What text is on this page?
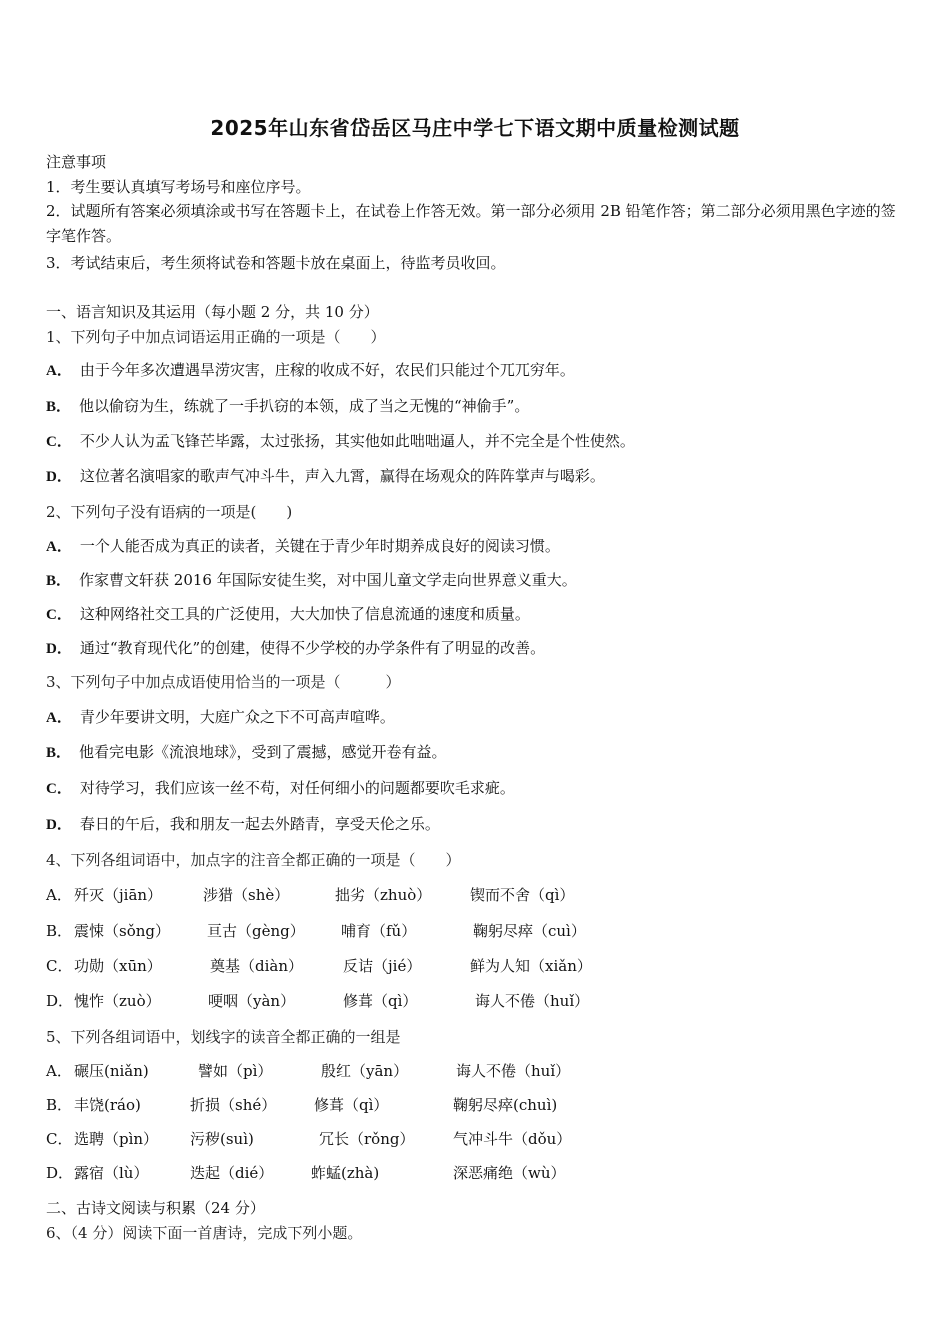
2025年山东省岱岳区马庄中学七下语文期中质量检测试题
注意事项
1．考生要认真填写考场号和座位序号。
2．试题所有答案必须填涂或书写在答题卡上，在试卷上作答无效。第一部分必须用 2B 铅笔作答；第二部分必须用黑色字迹的签字笔作答。
3．考试结束后，考生须将试卷和答题卡放在桌面上，待监考员收回。
一、语言知识及其运用（每小题 2 分，共 10 分）
1、下列句子中加点词语运用正确的一项是（　　）
A． 由于今年多次遭遇旱涝灾害，庄稼的收成不好，农民们只能过个兀兀穷年。
B． 他以偷窃为生，练就了一手扒窃的本领，成了当之无愧的“神偷手”。
C． 不少人认为孟飞锋芒毕露，太过张扬，其实他如此咄咄逼人，并不完全是个性使然。
D． 这位著名演唱家的歌声气冲斗牛，声入九霄，赢得在场观众的阵阵掌声与喝彩。
2、下列句子没有语病的一项是(　　)
A． 一个人能否成为真正的读者，关键在于青少年时期养成良好的阅读习惯。
B． 作家曹文轩获 2016 年国际安徒生奖，对中国儿童文学走向世界意义重大。
C． 这种网络社交工具的广泛使用，大大加快了信息流通的速度和质量。
D． 通过“教育现代化”的创建，使得不少学校的办学条件有了明显的改善。
3、下列句子中加点成语使用恰当的一项是（　　　）
A． 青少年要讲文明，大庭广众之下不可高声喧哗。
B． 他看完电影《流浪地球》，受到了震撼，感觉开卷有益。
C． 对待学习，我们应该一丝不苟，对任何细小的问题都要吹毛求疵。
D． 春日的午后，我和朋友一起去外踏青，享受天伦之乐。
4、下列各组词语中，加点字的注音全都正确的一项是（　　）
A． 歼灭（jiān）	涉猎（shè）	拙劣（zhuò）	锲而不舍（qì）
B． 震悚（sǒng） 亘古（gèng） 哺育（fǔ）	鞠躬尽瘁（cuì）
C． 功勋（xūn）	奠基（diàn）	反诘（jié）	鲜为人知（xiǎn）
D． 愧怍（zuò）	哽咽（yàn）	修葺（qì）	诲人不倦（huǐ）
5、下列各组词语中，划线字的读音全都正确的一组是
A． 碾压(niǎn)	譬如（pì）	殷红（yān）	诲人不倦（huǐ）
B． 丰饶(ráo)	折损（shé）	修葺（qì）	鞠躬尽瘁(chuì)
C． 选聘（pìn） 污秽(suì)	冗长（rǒng）	气冲斗牛（dǒu）
D． 露宿（lù）	迭起（dié）	蚱蜢(zhà)	深恶痛绝（wù）
二、古诗文阅读与积累（24 分）
6、（4 分）阅读下面一首唐诗，完成下列小题。
